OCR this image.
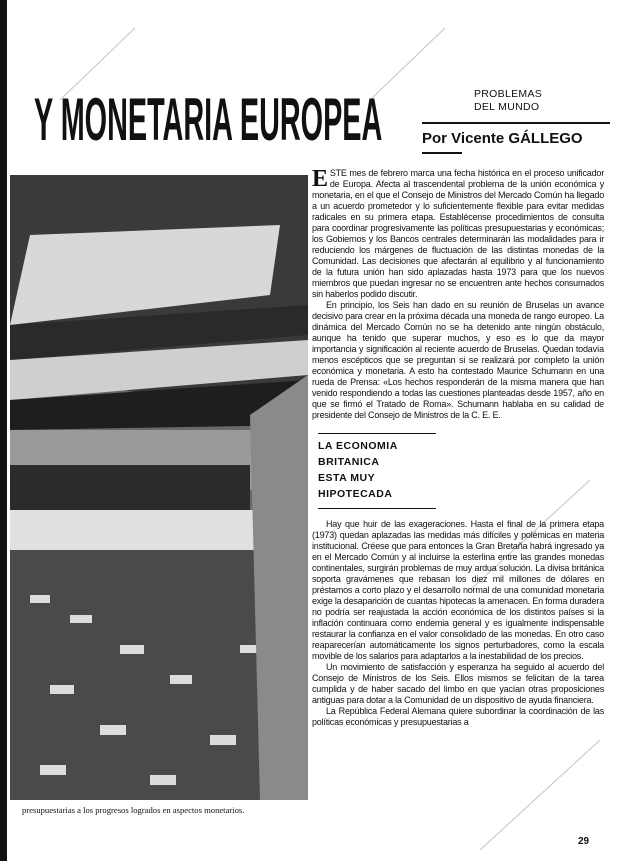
Y MONETARIA EUROPEA	PROBLEMAS
DEL MUNDO
Por Vicente GÁLLEGO
presupuestarias a los progresos logrados en aspectos monetarios.

ESTE mes de febrero marca una fecha histórica en el proceso unificador de Europa. Afecta al trascendental problema de la unión económica y monetaria, en el que el Consejo de Ministros del Mercado Común ha llegado a un acuerdo prometedor y lo suficientemente flexible para evitar medidas radicales en su primera etapa. Establécense procedimientos de consulta para coordinar progresivamente las políticas presupuestarias y económicas; los Gobiernos y los Bancos centrales determinarán las modalidades para ir reduciendo los márgenes de fluctuación de las distintas monedas de la Comunidad. Las decisiones que afectarán al equilibrio y al funcionamiento de la futura unión han sido aplazadas hasta 1973 para que los nuevos miembros que puedan ingresar no se encuentren ante hechos consumados sin haberlos podido discutir.

En principio, los Seis han dado en su reunión de Bruselas un avance decisivo para crear en la próxima década una moneda de rango europeo. La dinámica del Mercado Común no se ha detenido ante ningún obstáculo, aunque ha tenido que superar muchos, y eso es lo que da mayor importancia y significación al reciente acuerdo de Bruselas. Quedan todavía menos escépticos que se preguntan si se realizará por completo la unión económica y monetaria. A esto ha contestado Maurice Schumann en una rueda de Prensa: «Los hechos responderán de la misma manera que han venido respondiendo a todas las cuestiones planteadas desde 1957, año en que se firmó el Tratado de Roma». Schumann hablaba en su calidad de presidente del Consejo de Ministros de la C. E. E.

LA ECONOMIA BRITANICA
ESTA MUY HIPOTECADA

Hay que huir de las exageraciones. Hasta el final de la primera etapa (1973) quedan aplazadas las medidas más difíciles y polémicas en materia institucional. Créese que para entonces la Gran Bretaña habrá ingresado ya en el Mercado Común y al incluirse la esterlina entre las grandes monedas continentales, surgirán problemas de muy ardua solución. La divisa británica soporta gravámenes que rebasan los diez mil millones de dólares en préstamos a corto plazo y el desarrollo normal de una comunidad monetaria exige la desaparición de cuantas hipotecas la amenacen. En forma duradera no podría ser reajustada la acción económica de los distintos países si la inflación continuara como endemia general y es igualmente indispensable restaurar la confianza en el valor consolidado de las monedas. En otro caso reaparecerían automáticamente los signos perturbadores, como la escala movible de los salarios para adaptarlos a la inestabilidad de los precios.

Un movimiento de satisfacción y esperanza ha seguido al acuerdo del Consejo de Ministros de los Seis. Ellos mismos se felicitan de la tarea cumplida y de haber sacado del limbo en que yacían otras proposiciones antiguas para dotar a la Comunidad de un dispositivo de ayuda financiera.

La República Federal Alemana quiere subordinar la coordinación de las políticas económicas y presupuestarias a

29
